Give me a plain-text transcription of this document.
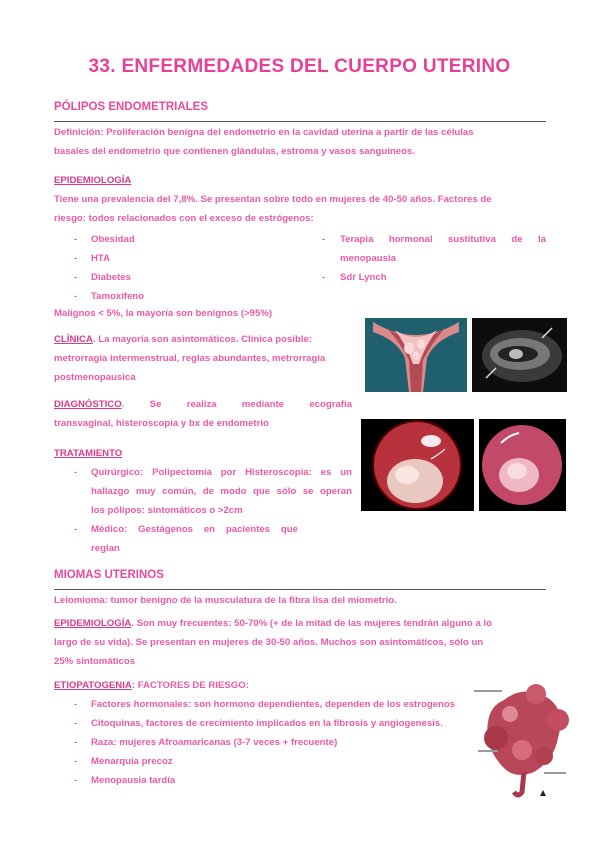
33. ENFERMEDADES DEL CUERPO UTERINO
PÓLIPOS ENDOMETRIALES
Definición: Proliferación benigna del endometrio en la cavidad uterina a partir de las células
basales del endometrio que contienen glándulas, estroma y vasos sanguíneos.
EPIDEMIOLOGÍA
Tiene una prevalencia del 7,8%. Se presentan sobre todo en mujeres de 40-50 años. Factores de
riesgo: todos relacionados con el exceso de estrógenos:
- Obesidad
- HTA
- Diabetes
- Tamoxifeno
- Terapia hormonal sustitutiva de la
menopausia
- Sdr Lynch
Malignos < 5%, la mayoría son benignos (>95%)
CLÍNICA. La mayoría son asintomáticos. Clínica posible:
metrorragia intermenstrual, reglas abundantes, metrorragia
postmenopausica
DIAGNÓSTICO. Se realiza mediante ecografía
transvaginal, histeroscopia y bx de endometrio
TRATAMIENTO
- Quirúrgico: Polipectomía por Histeroscopia: es un
hallazgo muy común, de modo que sólo se operan
los pólipos: sintomáticos o >2cm
- Médico: Gestágenos en pacientes que
reglan
MIOMAS UTERINOS
Leiomioma: tumor benigno de la musculatura de la fibra lisa del miometrio.
EPIDEMIOLOGÍA. Son muy frecuentes: 50-70% (+ de la mitad de las mujeres tendrán alguno a lo
largo de su vida). Se presentan en mujeres de 30-50 años. Muchos son asintomáticos, sólo un
25% sintomáticos
ETIOPATOGENIA: FACTORES DE RIESGO:
- Factores hormonales: son hormono dependientes, dependen de los estrogenos
- Citoquinas, factores de crecimiento implicados en la fibrosis y angiogenesis.
- Raza: mujeres Afroamaricanas (3-7 veces + frecuente)
- Menarquia precoz
- Menopausia tardía
